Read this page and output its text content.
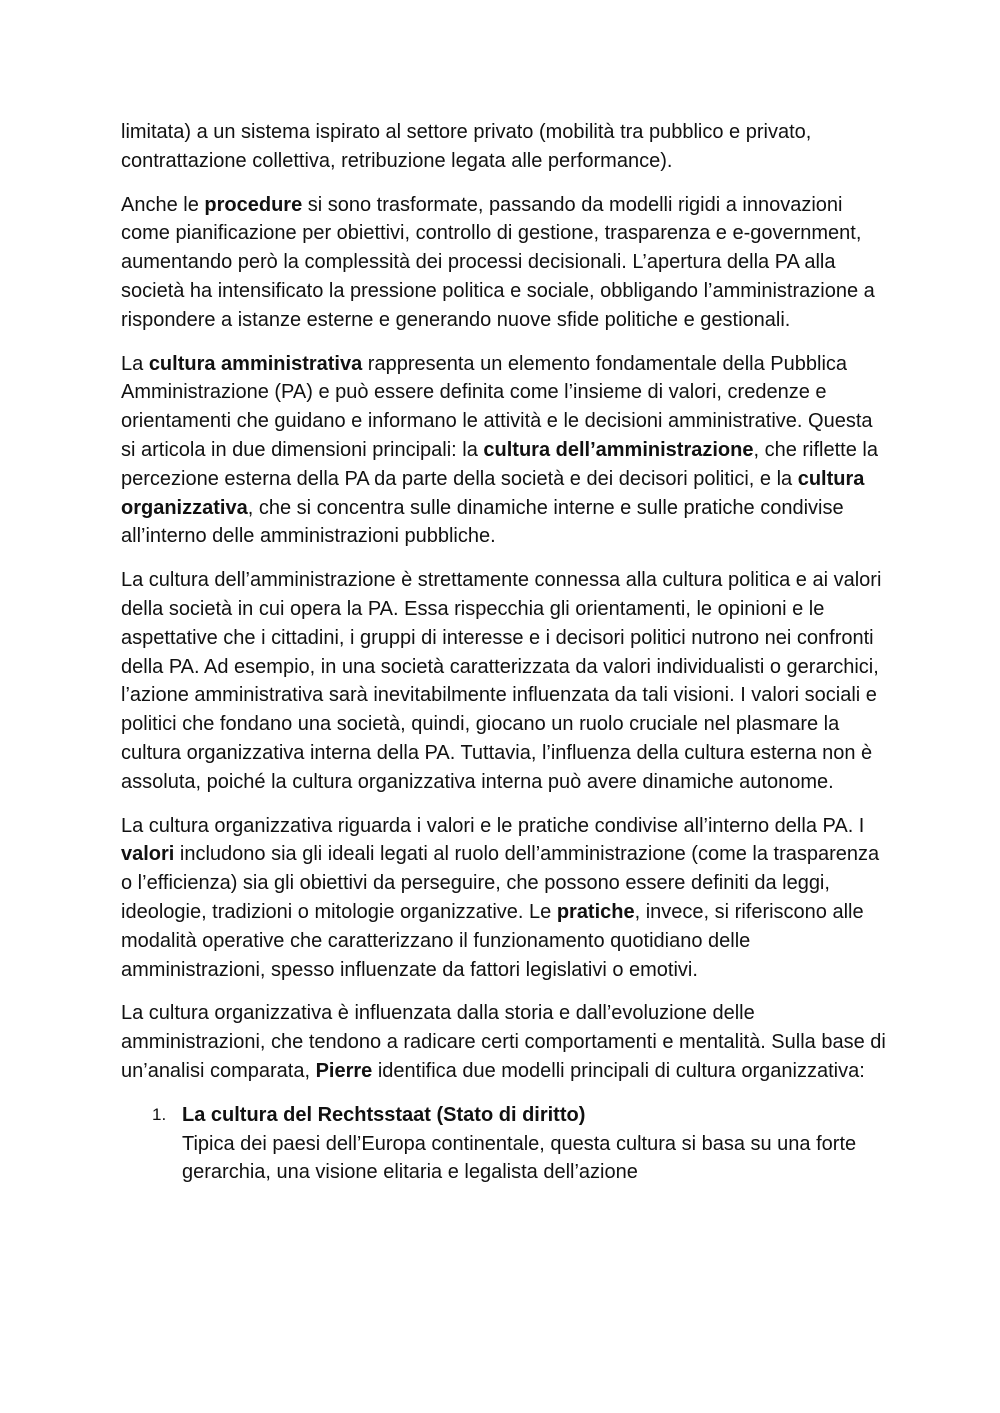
limitata) a un sistema ispirato al settore privato (mobilità tra pubblico e privato, contrattazione collettiva, retribuzione legata alle performance).

Anche le procedure si sono trasformate, passando da modelli rigidi a innovazioni come pianificazione per obiettivi, controllo di gestione, trasparenza e e-government, aumentando però la complessità dei processi decisionali. L’apertura della PA alla società ha intensificato la pressione politica e sociale, obbligando l’amministrazione a rispondere a istanze esterne e generando nuove sfide politiche e gestionali.

La cultura amministrativa rappresenta un elemento fondamentale della Pubblica Amministrazione (PA) e può essere definita come l’insieme di valori, credenze e orientamenti che guidano e informano le attività e le decisioni amministrative. Questa si articola in due dimensioni principali: la cultura dell’amministrazione, che riflette la percezione esterna della PA da parte della società e dei decisori politici, e la cultura organizzativa, che si concentra sulle dinamiche interne e sulle pratiche condivise all’interno delle amministrazioni pubbliche.

La cultura dell’amministrazione è strettamente connessa alla cultura politica e ai valori della società in cui opera la PA. Essa rispecchia gli orientamenti, le opinioni e le aspettative che i cittadini, i gruppi di interesse e i decisori politici nutrono nei confronti della PA. Ad esempio, in una società caratterizzata da valori individualisti o gerarchici, l’azione amministrativa sarà inevitabilmente influenzata da tali visioni. I valori sociali e politici che fondano una società, quindi, giocano un ruolo cruciale nel plasmare la cultura organizzativa interna della PA. Tuttavia, l’influenza della cultura esterna non è assoluta, poiché la cultura organizzativa interna può avere dinamiche autonome.

La cultura organizzativa riguarda i valori e le pratiche condivise all’interno della PA. I valori includono sia gli ideali legati al ruolo dell’amministrazione (come la trasparenza o l’efficienza) sia gli obiettivi da perseguire, che possono essere definiti da leggi, ideologie, tradizioni o mitologie organizzative. Le pratiche, invece, si riferiscono alle modalità operative che caratterizzano il funzionamento quotidiano delle amministrazioni, spesso influenzate da fattori legislativi o emotivi.

La cultura organizzativa è influenzata dalla storia e dall’evoluzione delle amministrazioni, che tendono a radicare certi comportamenti e mentalità. Sulla base di un’analisi comparata, Pierre identifica due modelli principali di cultura organizzativa:

1. La cultura del Rechtsstaat (Stato di diritto)
Tipica dei paesi dell’Europa continentale, questa cultura si basa su una forte gerarchia, una visione elitaria e legalista dell’azione
